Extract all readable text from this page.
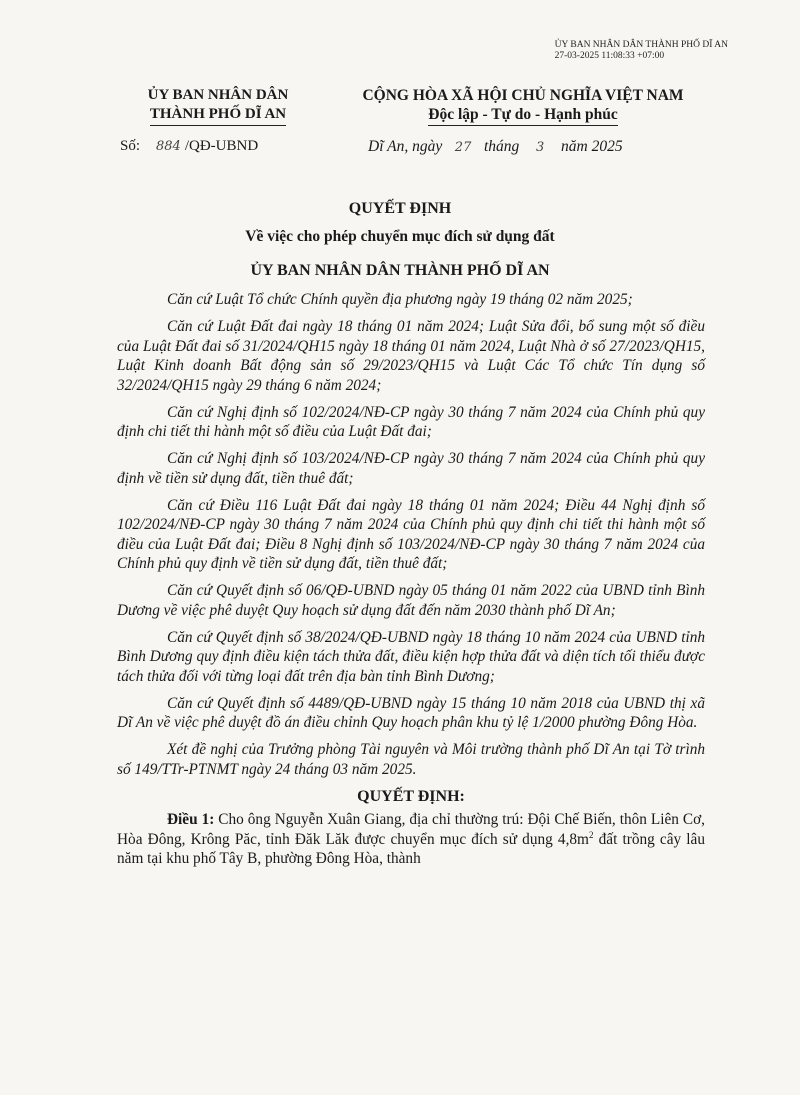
ỦY BAN NHÂN DÂN THÀNH PHỐ DĨ AN
27-03-2025 11:08:33 +07:00
ỦY BAN NHÂN DÂN
THÀNH PHỐ DĨ AN
CỘNG HÒA XÃ HỘI CHỦ NGHĨA VIỆT NAM
Độc lập - Tự do - Hạnh phúc
Số: 884 /QĐ-UBND	Dĩ An, ngày 27 tháng 3 năm 2025
QUYẾT ĐỊNH
Về việc cho phép chuyển mục đích sử dụng đất
ỦY BAN NHÂN DÂN THÀNH PHỐ DĨ AN

Căn cứ Luật Tổ chức Chính quyền địa phương ngày 19 tháng 02 năm 2025;

Căn cứ Luật Đất đai ngày 18 tháng 01 năm 2024; Luật Sửa đổi, bổ sung một số điều của Luật Đất đai số 31/2024/QH15 ngày 18 tháng 01 năm 2024, Luật Nhà ở số 27/2023/QH15, Luật Kinh doanh Bất động sản số 29/2023/QH15 và Luật Các Tổ chức Tín dụng số 32/2024/QH15 ngày 29 tháng 6 năm 2024;

Căn cứ Nghị định số 102/2024/NĐ-CP ngày 30 tháng 7 năm 2024 của Chính phủ quy định chi tiết thi hành một số điều của Luật Đất đai;

Căn cứ Nghị định số 103/2024/NĐ-CP ngày 30 tháng 7 năm 2024 của Chính phủ quy định về tiền sử dụng đất, tiền thuê đất;

Căn cứ Điều 116 Luật Đất đai ngày 18 tháng 01 năm 2024; Điều 44 Nghị định số 102/2024/NĐ-CP ngày 30 tháng 7 năm 2024 của Chính phủ quy định chi tiết thi hành một số điều của Luật Đất đai; Điều 8 Nghị định số 103/2024/NĐ-CP ngày 30 tháng 7 năm 2024 của Chính phủ quy định về tiền sử dụng đất, tiền thuê đất;

Căn cứ Quyết định số 06/QĐ-UBND ngày 05 tháng 01 năm 2022 của UBND tỉnh Bình Dương về việc phê duyệt Quy hoạch sử dụng đất đến năm 2030 thành phố Dĩ An;

Căn cứ Quyết định số 38/2024/QĐ-UBND ngày 18 tháng 10 năm 2024 của UBND tỉnh Bình Dương quy định điều kiện tách thửa đất, điều kiện hợp thửa đất và diện tích tối thiểu được tách thửa đối với từng loại đất trên địa bàn tỉnh Bình Dương;

Căn cứ Quyết định số 4489/QĐ-UBND ngày 15 tháng 10 năm 2018 của UBND thị xã Dĩ An về việc phê duyệt đồ án điều chỉnh Quy hoạch phân khu tỷ lệ 1/2000 phường Đông Hòa.

Xét đề nghị của Trưởng phòng Tài nguyên và Môi trường thành phố Dĩ An tại Tờ trình số 149/TTr-PTNMT ngày 24 tháng 03 năm 2025.

QUYẾT ĐỊNH:

Điều 1: Cho ông Nguyễn Xuân Giang, địa chỉ thường trú: Đội Chế Biến, thôn Liên Cơ, Hòa Đông, Krông Păc, tỉnh Đăk Lăk được chuyển mục đích sử dụng $4,8m^2$ đất trồng cây lâu năm tại khu phố Tây B, phường Đông Hòa, thành
